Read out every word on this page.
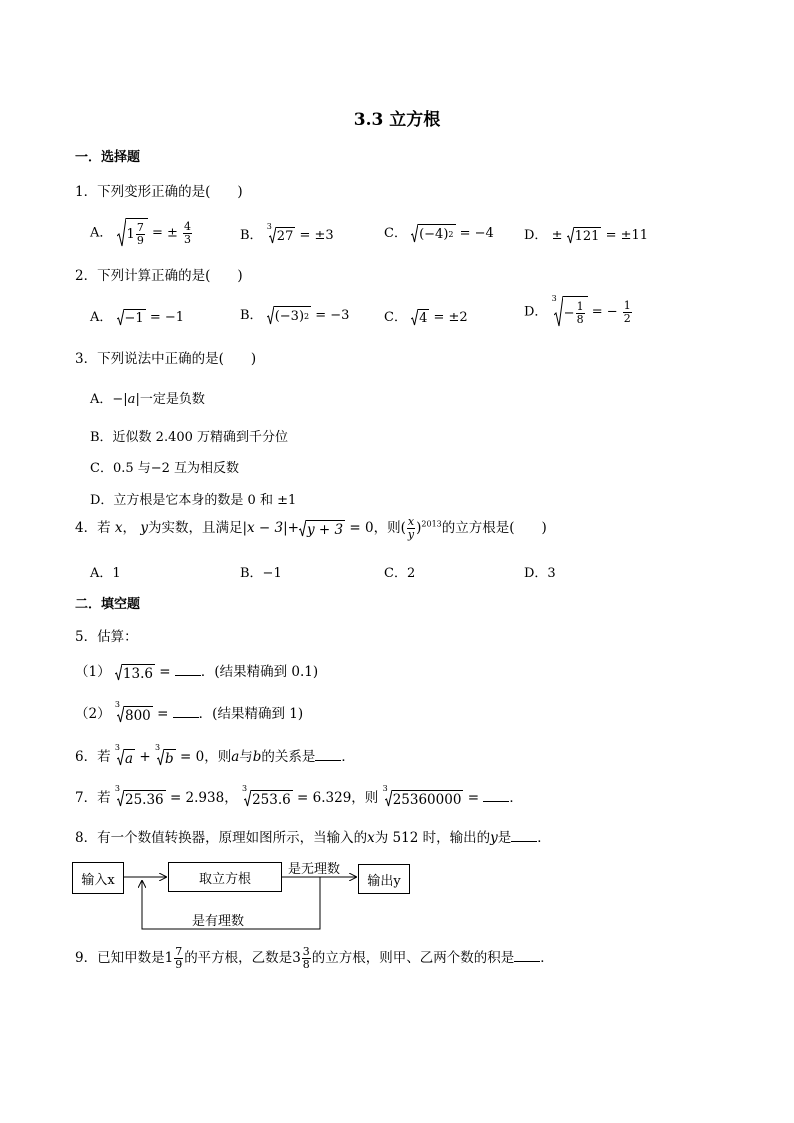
3.3 立方根
一．选择题
1．下列变形正确的是(　　)
A． $1 \frac{7}{9}$ = ± $\frac{4}{3}$	B． $^3$
27 = ±3	C． (−4) 2 = −4 D． ± 121 = ±11
2．下列计算正确的是(　　)
A． −1 = −1	B． (−3) 2 = −3	C． 4 = ±2	D． $^3$
− $\frac{1}{8}$ = − $\frac{1}{2}$
3．下列说法中正确的是(　　)
A．−|a|一定是负数
B．近似数 2.400 万精确到千分位
C．0.5 与−2 互为相反数
D．立方根是它本身的数是 0 和 ±1
4．若 x， y为实数，且满足|x − 3|+ y + 3 = 0，则( $\frac{x}{y} )^{2013}$的立方根是(　　)
A．1	B．−1	C．2	D．3
二．填空题
5．估算：
（1） 13.6 = ．(结果精确到 0.1)
（2） $^3$
800 = ．(结果精确到 1)
6．若 $^3$
a + $^3$
b = 0，则a与b的关系是 ．
7．若 $^3$
25.36 = 2.938， $^3$
253.6 = 6.329，则 $^3$
25360000 = ．
8．有一个数值转换器，原理如图所示，当输入的x为 512 时，输出的y是 ．
输入x	取立方根	输出y
是无理数
是有理数
9．已知甲数是$1 \frac{7}{9}$ 的平方根，乙数是$3 \frac{3}{8}$ 的立方根，则甲、乙两个数的积是 ．
